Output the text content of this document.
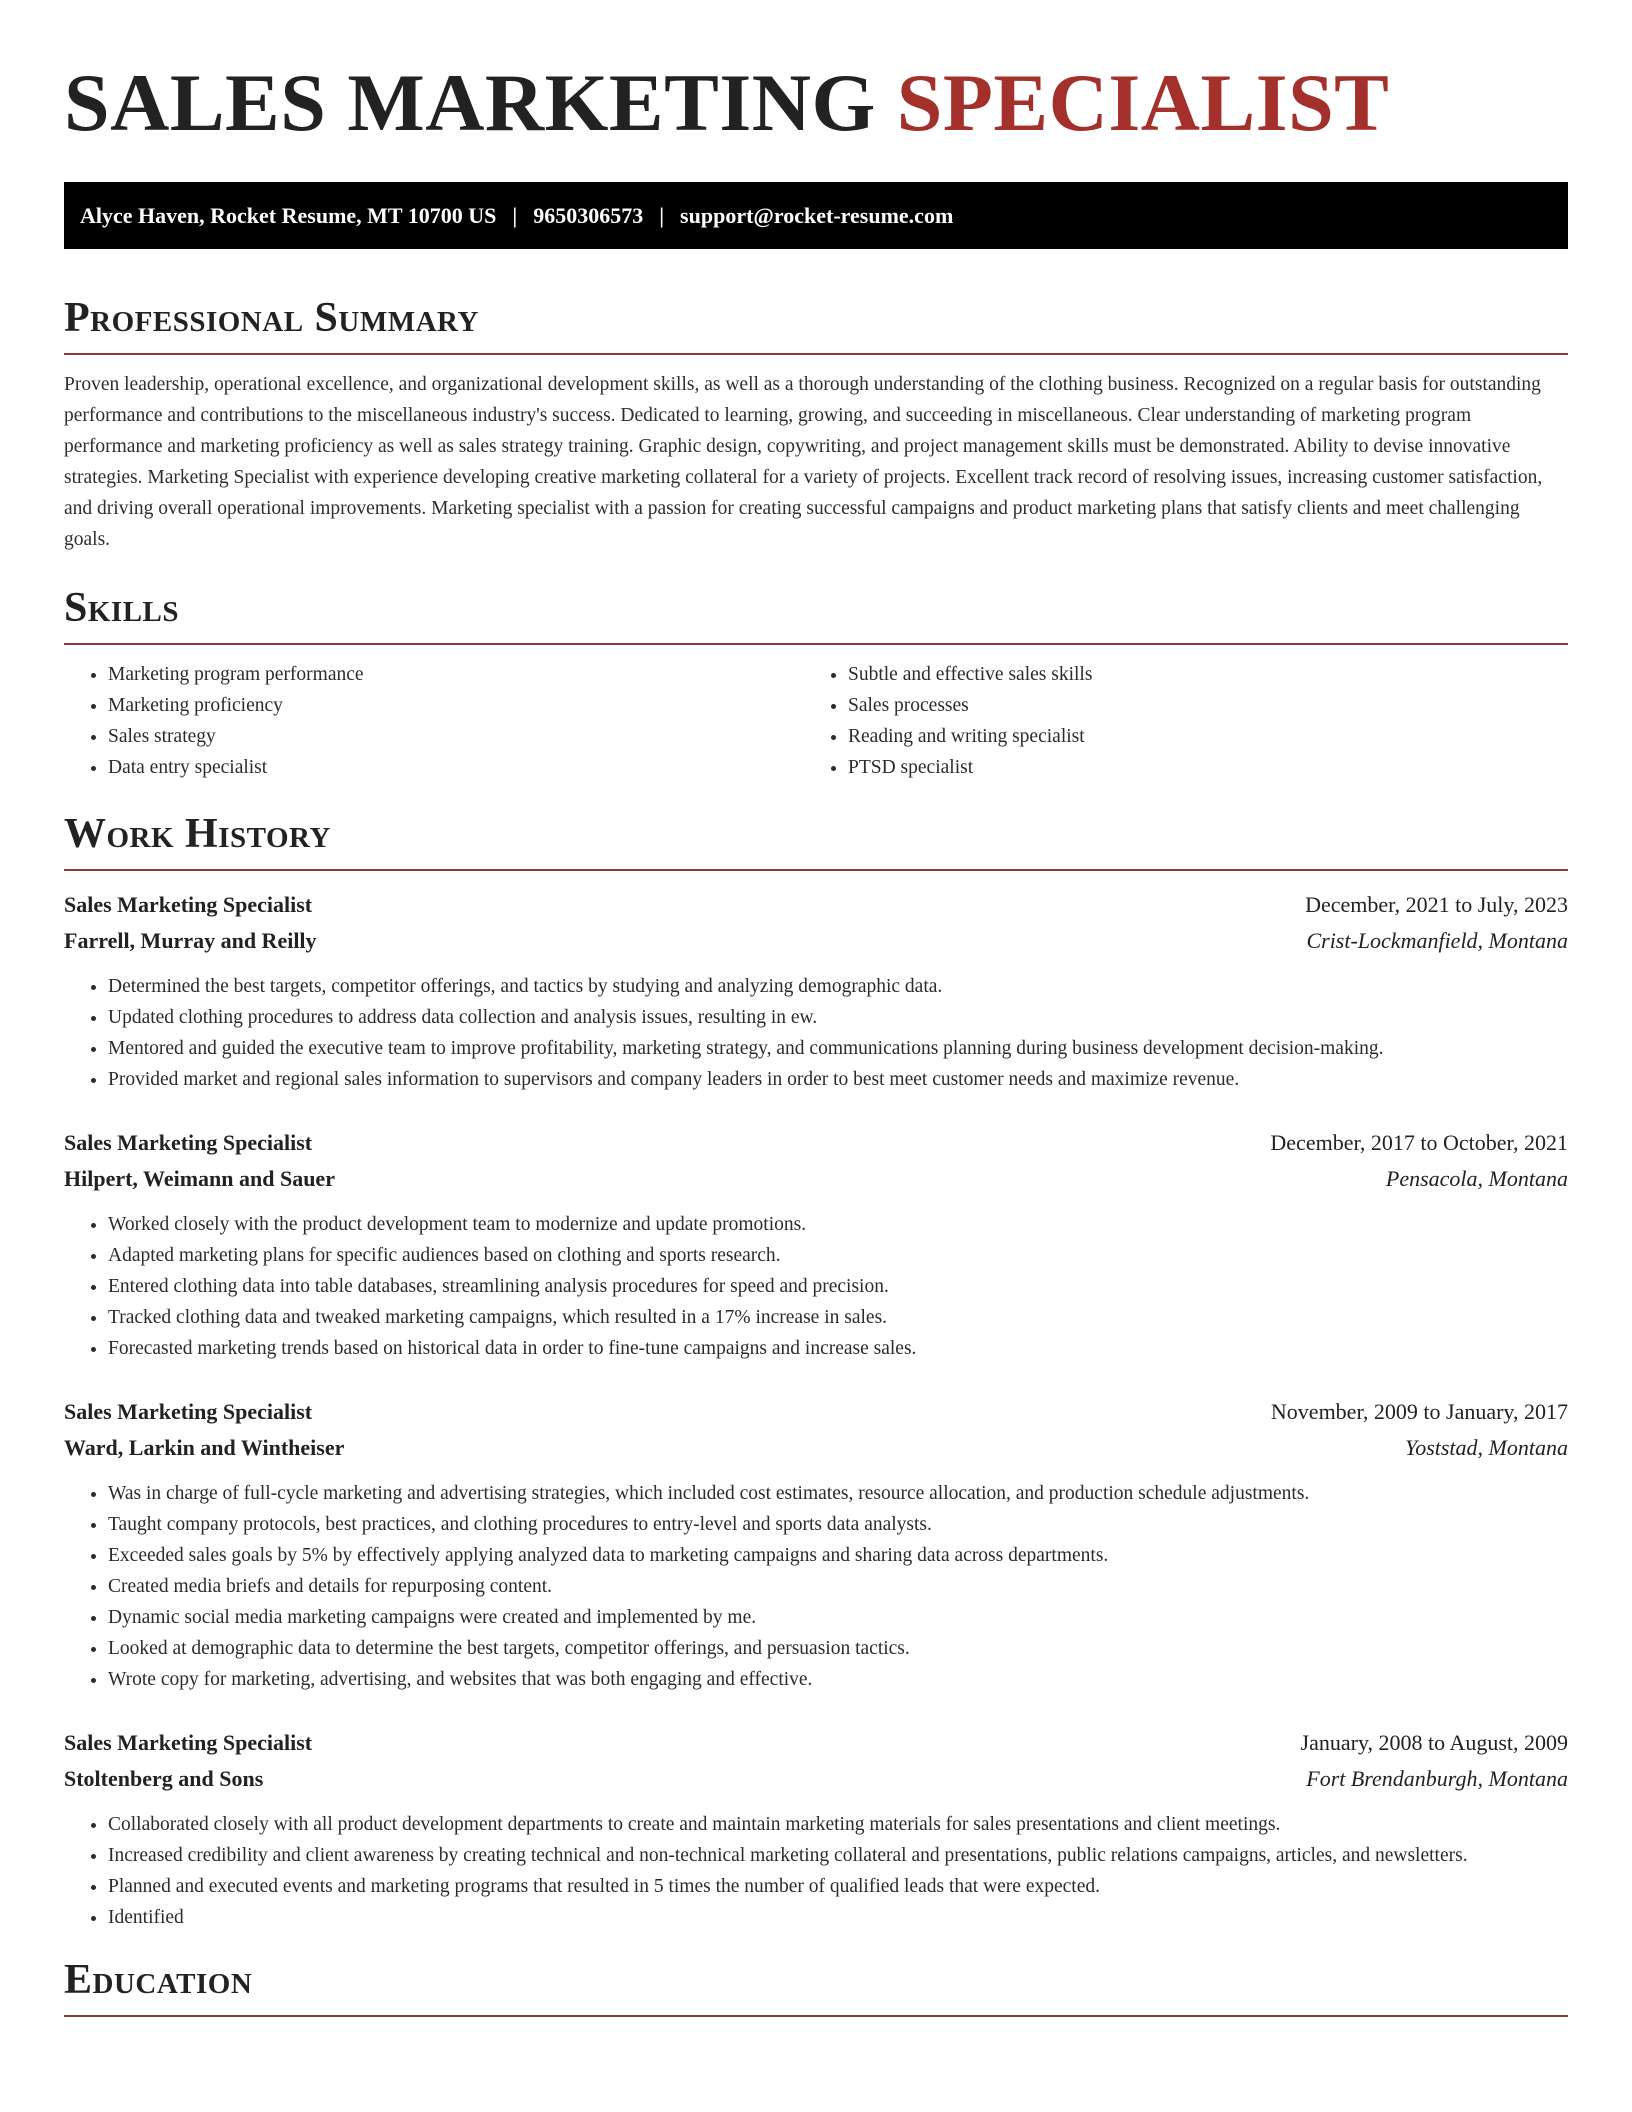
SALES MARKETING SPECIALIST
Alyce Haven, Rocket Resume, MT 10700 US | 9650306573 | support@rocket-resume.com
Professional Summary

Proven leadership, operational excellence, and organizational development skills, as well as a thorough understanding of the clothing business. Recognized on a regular basis for outstanding performance and contributions to the miscellaneous industry's success. Dedicated to learning, growing, and succeeding in miscellaneous. Clear understanding of marketing program performance and marketing proficiency as well as sales strategy training. Graphic design, copywriting, and project management skills must be demonstrated. Ability to devise innovative strategies. Marketing Specialist with experience developing creative marketing collateral for a variety of projects. Excellent track record of resolving issues, increasing customer satisfaction, and driving overall operational improvements. Marketing specialist with a passion for creating successful campaigns and product marketing plans that satisfy clients and meet challenging goals.

Skills
• Marketing program performance
• Marketing proficiency
• Sales strategy
• Data entry specialist
• Subtle and effective sales skills
• Sales processes
• Reading and writing specialist
• PTSD specialist
Work History
Sales Marketing Specialist	December, 2021 to July, 2023
Farrell, Murray and Reilly	Crist-Lockmanfield, Montana
• Determined the best targets, competitor offerings, and tactics by studying and analyzing demographic data.
• Updated clothing procedures to address data collection and analysis issues, resulting in ew.
• Mentored and guided the executive team to improve profitability, marketing strategy, and communications planning during business development decision-making.
• Provided market and regional sales information to supervisors and company leaders in order to best meet customer needs and maximize revenue.
Sales Marketing Specialist	December, 2017 to October, 2021
Hilpert, Weimann and Sauer	Pensacola, Montana
• Worked closely with the product development team to modernize and update promotions.
• Adapted marketing plans for specific audiences based on clothing and sports research.
• Entered clothing data into table databases, streamlining analysis procedures for speed and precision.
• Tracked clothing data and tweaked marketing campaigns, which resulted in a 17% increase in sales.
• Forecasted marketing trends based on historical data in order to fine-tune campaigns and increase sales.
Sales Marketing Specialist	November, 2009 to January, 2017
Ward, Larkin and Wintheiser	Yoststad, Montana
• Was in charge of full-cycle marketing and advertising strategies, which included cost estimates, resource allocation, and production schedule adjustments.
• Taught company protocols, best practices, and clothing procedures to entry-level and sports data analysts.
• Exceeded sales goals by 5% by effectively applying analyzed data to marketing campaigns and sharing data across departments.
• Created media briefs and details for repurposing content.
• Dynamic social media marketing campaigns were created and implemented by me.
• Looked at demographic data to determine the best targets, competitor offerings, and persuasion tactics.
• Wrote copy for marketing, advertising, and websites that was both engaging and effective.
Sales Marketing Specialist	January, 2008 to August, 2009
Stoltenberg and Sons	Fort Brendanburgh, Montana
• Collaborated closely with all product development departments to create and maintain marketing materials for sales presentations and client meetings.
• Increased credibility and client awareness by creating technical and non-technical marketing collateral and presentations, public relations campaigns, articles, and newsletters.
• Planned and executed events and marketing programs that resulted in 5 times the number of qualified leads that were expected.
• Identified
Education
